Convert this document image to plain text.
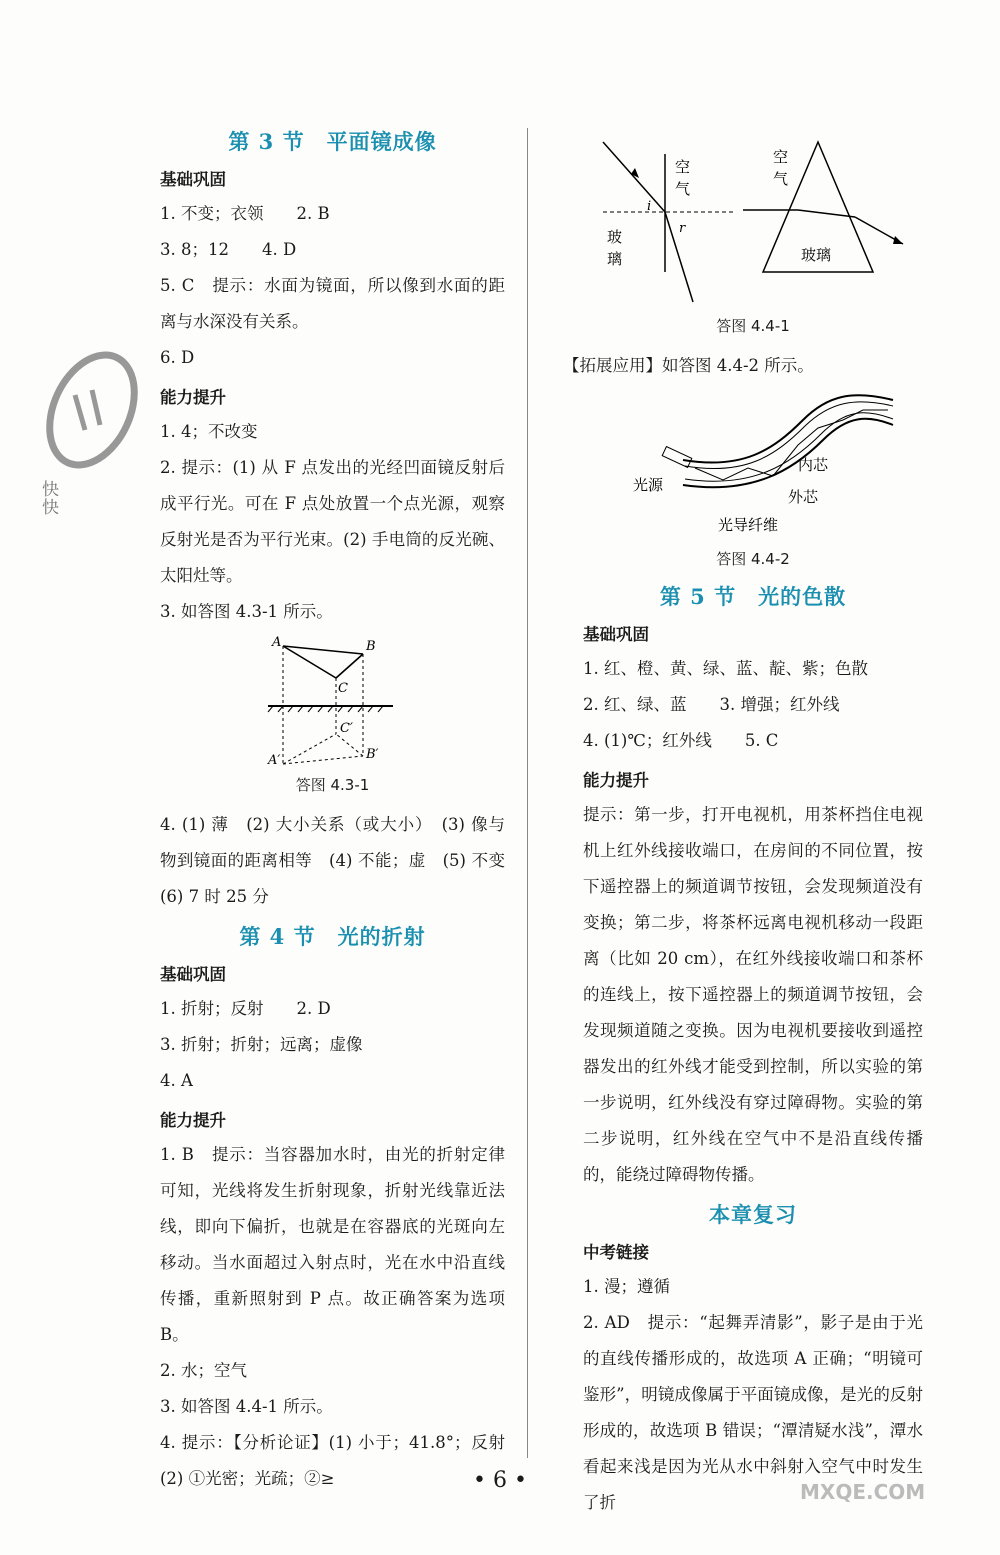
快
快
第 3 节　平面镜成像
基础巩固

1. 不变；衣领　　2. B

3. 8；12　　4. D

5. C　提示：水面为镜面，所以像到水面的距离与水深没有关系。

6. D

能力提升

1. 4；不改变

2. 提示：(1) 从 F 点发出的光经凹面镜反射后成平行光。可在 F 点处放置一个点光源，观察反射光是否为平行光束。(2) 手电筒的反光碗、太阳灶等。

3. 如答图 4.3-1 所示。

A	B
C
C′
A′	B′
答图 4.3-1

4. (1) 薄　(2) 大小关系（或大小）　(3) 像与物到镜面的距离相等　(4) 不能；虚　(5) 不变　(6) 7 时 25 分

第 4 节　光的折射
基础巩固

1. 折射；反射　　2. D

3. 折射；折射；远离；虚像

4. A

能力提升

1. B　提示：当容器加水时，由光的折射定律可知，光线将发生折射现象，折射光线靠近法线，即向下偏折，也就是在容器底的光斑向左移动。当水面超过入射点时，光在水中沿直线传播，重新照射到 P 点。故正确答案为选项 B。

2. 水；空气

3. 如答图 4.4-1 所示。

4. 提示：【分析论证】(1) 小于；41.8°；反射　(2) ①光密；光疏；②≥

空
气
玻
璃
i
r
空
气
玻璃
答图 4.4-1

【拓展应用】如答图 4.4-2 所示。

光源
内芯
外芯
光导纤维
答图 4.4-2
第 5 节　光的色散
基础巩固

1. 红、橙、黄、绿、蓝、靛、紫；色散

2. 红、绿、蓝　　3. 增强；红外线

4. (1)℃；红外线　　5. C

能力提升

提示：第一步，打开电视机，用茶杯挡住电视机上红外线接收端口，在房间的不同位置，按下遥控器上的频道调节按钮，会发现频道没有变换；第二步，将茶杯远离电视机移动一段距离（比如 20 cm），在红外线接收端口和茶杯的连线上，按下遥控器上的频道调节按钮，会发现频道随之变换。因为电视机要接收到遥控器发出的红外线才能受到控制，所以实验的第一步说明，红外线没有穿过障碍物。实验的第二步说明，红外线在空气中不是沿直线传播的，能绕过障碍物传播。

本章复习
中考链接

1. 漫；遵循

2. AD　提示：“起舞弄清影”，影子是由于光的直线传播形成的，故选项 A 正确；“明镜可鉴形”，明镜成像属于平面镜成像，是光的反射形成的，故选项 B 错误；“潭清疑水浅”，潭水看起来浅是因为光从水中斜射入空气中时发生了折

• 6 •	MXQE.COM
